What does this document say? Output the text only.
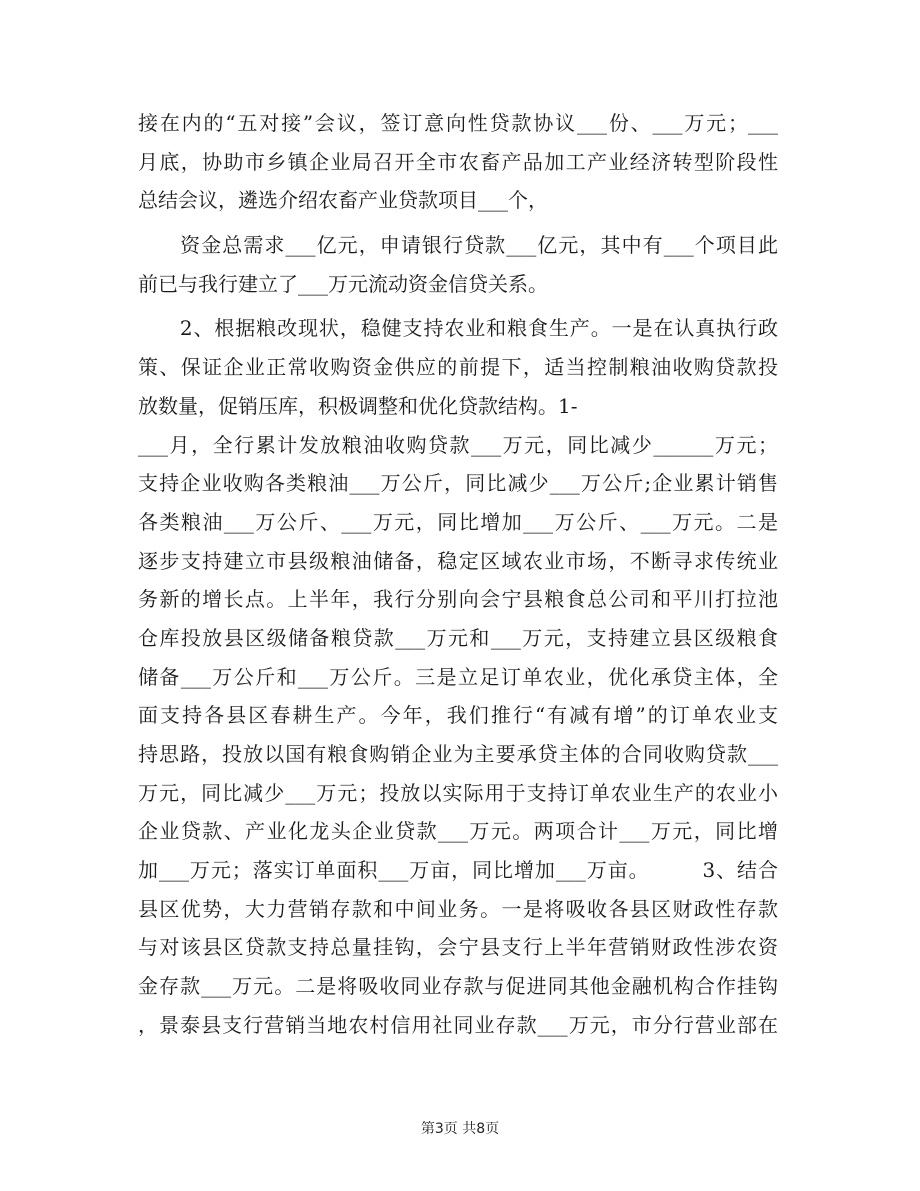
接在内的“五对接”会议，签订意向性贷款协议___份、___万元；___
月底，协助市乡镇企业局召开全市农畜产品加工产业经济转型阶段性
总结会议，遴选介绍农畜产业贷款项目___个，
　　资金总需求___亿元，申请银行贷款___亿元，其中有___个项目此
前已与我行建立了___万元流动资金信贷关系。
　　2、根据粮改现状，稳健支持农业和粮食生产。一是在认真执行政
策、保证企业正常收购资金供应的前提下，适当控制粮油收购贷款投
放数量，促销压库，积极调整和优化贷款结构。1-
___月，全行累计发放粮油收购贷款___万元，同比减少______万元；
支持企业收购各类粮油___万公斤，同比减少___万公斤;企业累计销售
各类粮油___万公斤、___万元，同比增加___万公斤、___万元。二是
逐步支持建立市县级粮油储备，稳定区域农业市场，不断寻求传统业
务新的增长点。上半年，我行分别向会宁县粮食总公司和平川打拉池
仓库投放县区级储备粮贷款___万元和___万元，支持建立县区级粮食
储备___万公斤和___万公斤。三是立足订单农业，优化承贷主体，全
面支持各县区春耕生产。今年，我们推行“有减有增”的订单农业支
持思路，投放以国有粮食购销企业为主要承贷主体的合同收购贷款___
万元，同比减少___万元；投放以实际用于支持订单农业生产的农业小
企业贷款、产业化龙头企业贷款___万元。两项合计___万元，同比增
加___万元；落实订单面积___万亩，同比增加___万亩。　　　3、结合
县区优势，大力营销存款和中间业务。一是将吸收各县区财政性存款
与对该县区贷款支持总量挂钩，会宁县支行上半年营销财政性涉农资
金存款___万元。二是将吸收同业存款与促进同其他金融机构合作挂钩
，景泰县支行营销当地农村信用社同业存款___万元，市分行营业部在
第3页 共8页
